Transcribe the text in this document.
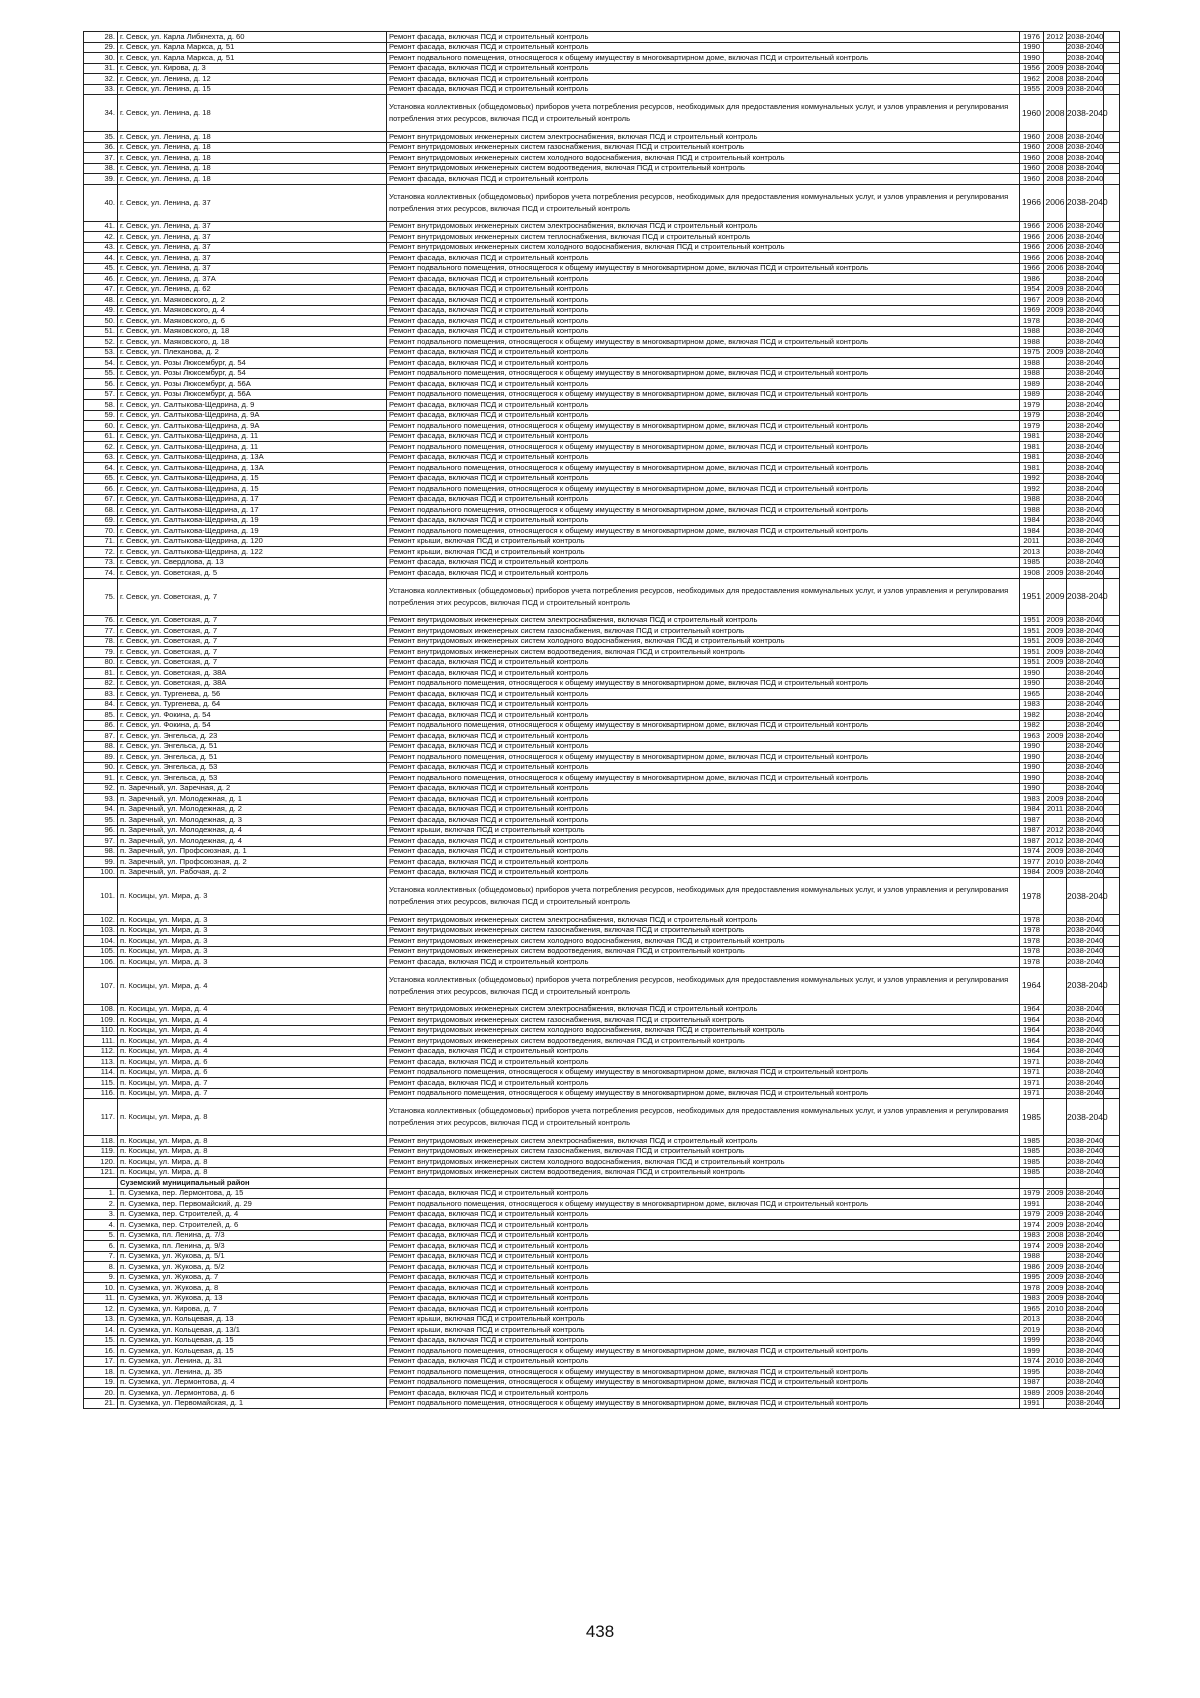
28.	г. Севск, ул. Карла Либкнехта, д. 60	Ремонт фасада, включая ПСД и строительный контроль	1976	2012	2038-2040	
29.	г. Севск, ул. Карла Маркса, д. 51	Ремонт фасада, включая ПСД и строительный контроль	1990		2038-2040	
30.	г. Севск, ул. Карла Маркса, д. 51	Ремонт подвального помещения, относящегося к общему имуществу в многоквартирном доме, включая ПСД и строительный контроль	1990		2038-2040	
31.	г. Севск, ул. Кирова, д. 3	Ремонт фасада, включая ПСД и строительный контроль	1956	2009	2038-2040	
32.	г. Севск, ул. Ленина, д. 12	Ремонт фасада, включая ПСД и строительный контроль	1962	2008	2038-2040	
33.	г. Севск, ул. Ленина, д. 15	Ремонт фасада, включая ПСД и строительный контроль	1955	2009	2038-2040	
34.	г. Севск, ул. Ленина, д. 18	Установка коллективных (общедомовых) приборов учета потребления ресурсов, необходимых для предоставления коммунальных услуг, и узлов управления и регулирования потребления этих ресурсов, включая ПСД и строительный контроль	1960	2008	2038-2040	
35.	г. Севск, ул. Ленина, д. 18	Ремонт внутридомовых инженерных систем электроснабжения, включая ПСД и строительный контроль	1960	2008	2038-2040	
36.	г. Севск, ул. Ленина, д. 18	Ремонт внутридомовых инженерных систем газоснабжения, включая ПСД и строительный контроль	1960	2008	2038-2040	
37.	г. Севск, ул. Ленина, д. 18	Ремонт внутридомовых инженерных систем холодного водоснабжения, включая ПСД и строительный контроль	1960	2008	2038-2040	
38.	г. Севск, ул. Ленина, д. 18	Ремонт внутридомовых инженерных систем водоотведения, включая ПСД и строительный контроль	1960	2008	2038-2040	
39.	г. Севск, ул. Ленина, д. 18	Ремонт фасада, включая ПСД и строительный контроль	1960	2008	2038-2040	
40.	г. Севск, ул. Ленина, д. 37	Установка коллективных (общедомовых) приборов учета потребления ресурсов, необходимых для предоставления коммунальных услуг, и узлов управления и регулирования потребления этих ресурсов, включая ПСД и строительный контроль	1966	2006	2038-2040	
41.	г. Севск, ул. Ленина, д. 37	Ремонт внутридомовых инженерных систем электроснабжения, включая ПСД и строительный контроль	1966	2006	2038-2040	
42.	г. Севск, ул. Ленина, д. 37	Ремонт внутридомовых инженерных систем теплоснабжения, включая ПСД и строительный контроль	1966	2006	2038-2040	
43.	г. Севск, ул. Ленина, д. 37	Ремонт внутридомовых инженерных систем холодного водоснабжения, включая ПСД и строительный контроль	1966	2006	2038-2040	
44.	г. Севск, ул. Ленина, д. 37	Ремонт фасада, включая ПСД и строительный контроль	1966	2006	2038-2040	
45.	г. Севск, ул. Ленина, д. 37	Ремонт подвального помещения, относящегося к общему имуществу в многоквартирном доме, включая ПСД и строительный контроль	1966	2006	2038-2040	
46.	г. Севск, ул. Ленина, д. 37А	Ремонт фасада, включая ПСД и строительный контроль	1986		2038-2040	
47.	г. Севск, ул. Ленина, д. 62	Ремонт фасада, включая ПСД и строительный контроль	1954	2009	2038-2040	
48.	г. Севск, ул. Маяковского, д. 2	Ремонт фасада, включая ПСД и строительный контроль	1967	2009	2038-2040	
49.	г. Севск, ул. Маяковского, д. 4	Ремонт фасада, включая ПСД и строительный контроль	1969	2009	2038-2040	
50.	г. Севск, ул. Маяковского, д. 6	Ремонт фасада, включая ПСД и строительный контроль	1978		2038-2040	
51.	г. Севск, ул. Маяковского, д. 18	Ремонт фасада, включая ПСД и строительный контроль	1988		2038-2040	
52.	г. Севск, ул. Маяковского, д. 18	Ремонт подвального помещения, относящегося к общему имуществу в многоквартирном доме, включая ПСД и строительный контроль	1988		2038-2040	
53.	г. Севск, ул. Плеханова, д. 2	Ремонт фасада, включая ПСД и строительный контроль	1975	2009	2038-2040	
54.	г. Севск, ул. Розы Люксембург, д. 54	Ремонт фасада, включая ПСД и строительный контроль	1988		2038-2040	
55.	г. Севск, ул. Розы Люксембург, д. 54	Ремонт подвального помещения, относящегося к общему имуществу в многоквартирном доме, включая ПСД и строительный контроль	1988		2038-2040	
56.	г. Севск, ул. Розы Люксембург, д. 56А	Ремонт фасада, включая ПСД и строительный контроль	1989		2038-2040	
57.	г. Севск, ул. Розы Люксембург, д. 56А	Ремонт подвального помещения, относящегося к общему имуществу в многоквартирном доме, включая ПСД и строительный контроль	1989		2038-2040	
58.	г. Севск, ул. Салтыкова-Щедрина, д. 9	Ремонт фасада, включая ПСД и строительный контроль	1979		2038-2040	
59.	г. Севск, ул. Салтыкова-Щедрина, д. 9А	Ремонт фасада, включая ПСД и строительный контроль	1979		2038-2040	
60.	г. Севск, ул. Салтыкова-Щедрина, д. 9А	Ремонт подвального помещения, относящегося к общему имуществу в многоквартирном доме, включая ПСД и строительный контроль	1979		2038-2040	
61.	г. Севск, ул. Салтыкова-Щедрина, д. 11	Ремонт фасада, включая ПСД и строительный контроль	1981		2038-2040	
62.	г. Севск, ул. Салтыкова-Щедрина, д. 11	Ремонт подвального помещения, относящегося к общему имуществу в многоквартирном доме, включая ПСД и строительный контроль	1981		2038-2040	
63.	г. Севск, ул. Салтыкова-Щедрина, д. 13А	Ремонт фасада, включая ПСД и строительный контроль	1981		2038-2040	
64.	г. Севск, ул. Салтыкова-Щедрина, д. 13А	Ремонт подвального помещения, относящегося к общему имуществу в многоквартирном доме, включая ПСД и строительный контроль	1981		2038-2040	
65.	г. Севск, ул. Салтыкова-Щедрина, д. 15	Ремонт фасада, включая ПСД и строительный контроль	1992		2038-2040	
66.	г. Севск, ул. Салтыкова-Щедрина, д. 15	Ремонт подвального помещения, относящегося к общему имуществу в многоквартирном доме, включая ПСД и строительный контроль	1992		2038-2040	
67.	г. Севск, ул. Салтыкова-Щедрина, д. 17	Ремонт фасада, включая ПСД и строительный контроль	1988		2038-2040	
68.	г. Севск, ул. Салтыкова-Щедрина, д. 17	Ремонт подвального помещения, относящегося к общему имуществу в многоквартирном доме, включая ПСД и строительный контроль	1988		2038-2040	
69.	г. Севск, ул. Салтыкова-Щедрина, д. 19	Ремонт фасада, включая ПСД и строительный контроль	1984		2038-2040	
70.	г. Севск, ул. Салтыкова-Щедрина, д. 19	Ремонт подвального помещения, относящегося к общему имуществу в многоквартирном доме, включая ПСД и строительный контроль	1984		2038-2040	
71.	г. Севск, ул. Салтыкова-Щедрина, д. 120	Ремонт крыши, включая ПСД и строительный контроль	2011		2038-2040	
72.	г. Севск, ул. Салтыкова-Щедрина, д. 122	Ремонт крыши, включая ПСД и строительный контроль	2013		2038-2040	
73.	г. Севск, ул. Свердлова, д. 13	Ремонт фасада, включая ПСД и строительный контроль	1985		2038-2040	
74.	г. Севск, ул. Советская, д. 5	Ремонт фасада, включая ПСД и строительный контроль	1908	2009	2038-2040	
75.	г. Севск, ул. Советская, д. 7	Установка коллективных (общедомовых) приборов учета потребления ресурсов, необходимых для предоставления коммунальных услуг, и узлов управления и регулирования потребления этих ресурсов, включая ПСД и строительный контроль	1951	2009	2038-2040	
76.	г. Севск, ул. Советская, д. 7	Ремонт внутридомовых инженерных систем электроснабжения, включая ПСД и строительный контроль	1951	2009	2038-2040	
77.	г. Севск, ул. Советская, д. 7	Ремонт внутридомовых инженерных систем газоснабжения, включая ПСД и строительный контроль	1951	2009	2038-2040	
78.	г. Севск, ул. Советская, д. 7	Ремонт внутридомовых инженерных систем холодного водоснабжения, включая ПСД и строительный контроль	1951	2009	2038-2040	
79.	г. Севск, ул. Советская, д. 7	Ремонт внутридомовых инженерных систем водоотведения, включая ПСД и строительный контроль	1951	2009	2038-2040	
80.	г. Севск, ул. Советская, д. 7	Ремонт фасада, включая ПСД и строительный контроль	1951	2009	2038-2040	
81.	г. Севск, ул. Советская, д. 38А	Ремонт фасада, включая ПСД и строительный контроль	1990		2038-2040	
82.	г. Севск, ул. Советская, д. 38А	Ремонт подвального помещения, относящегося к общему имуществу в многоквартирном доме, включая ПСД и строительный контроль	1990		2038-2040	
83.	г. Севск, ул. Тургенева, д. 56	Ремонт фасада, включая ПСД и строительный контроль	1965		2038-2040	
84.	г. Севск, ул. Тургенева, д. 64	Ремонт фасада, включая ПСД и строительный контроль	1983		2038-2040	
85.	г. Севск, ул. Фокина, д. 54	Ремонт фасада, включая ПСД и строительный контроль	1982		2038-2040	
86.	г. Севск, ул. Фокина, д. 54	Ремонт подвального помещения, относящегося к общему имуществу в многоквартирном доме, включая ПСД и строительный контроль	1982		2038-2040	
87.	г. Севск, ул. Энгельса, д. 23	Ремонт фасада, включая ПСД и строительный контроль	1963	2009	2038-2040	
88.	г. Севск, ул. Энгельса, д. 51	Ремонт фасада, включая ПСД и строительный контроль	1990		2038-2040	
89.	г. Севск, ул. Энгельса, д. 51	Ремонт подвального помещения, относящегося к общему имуществу в многоквартирном доме, включая ПСД и строительный контроль	1990		2038-2040	
90.	г. Севск, ул. Энгельса, д. 53	Ремонт фасада, включая ПСД и строительный контроль	1990		2038-2040	
91.	г. Севск, ул. Энгельса, д. 53	Ремонт подвального помещения, относящегося к общему имуществу в многоквартирном доме, включая ПСД и строительный контроль	1990		2038-2040	
92.	п. Заречный, ул. Заречная, д. 2	Ремонт фасада, включая ПСД и строительный контроль	1990		2038-2040	
93.	п. Заречный, ул. Молодежная, д. 1	Ремонт фасада, включая ПСД и строительный контроль	1983	2009	2038-2040	
94.	п. Заречный, ул. Молодежная, д. 2	Ремонт фасада, включая ПСД и строительный контроль	1984	2011	2038-2040	
95.	п. Заречный, ул. Молодежная, д. 3	Ремонт фасада, включая ПСД и строительный контроль	1987		2038-2040	
96.	п. Заречный, ул. Молодежная, д. 4	Ремонт крыши, включая ПСД и строительный контроль	1987	2012	2038-2040	
97.	п. Заречный, ул. Молодежная, д. 4	Ремонт фасада, включая ПСД и строительный контроль	1987	2012	2038-2040	
98.	п. Заречный, ул. Профсоюзная, д. 1	Ремонт фасада, включая ПСД и строительный контроль	1974	2009	2038-2040	
99.	п. Заречный, ул. Профсоюзная, д. 2	Ремонт фасада, включая ПСД и строительный контроль	1977	2010	2038-2040	
100.	п. Заречный, ул. Рабочая, д. 2	Ремонт фасада, включая ПСД и строительный контроль	1984	2009	2038-2040	
101.	п. Косицы, ул. Мира, д. 3	Установка коллективных (общедомовых) приборов учета потребления ресурсов, необходимых для предоставления коммунальных услуг, и узлов управления и регулирования потребления этих ресурсов, включая ПСД и строительный контроль	1978		2038-2040	
102.	п. Косицы, ул. Мира, д. 3	Ремонт внутридомовых инженерных систем электроснабжения, включая ПСД и строительный контроль	1978		2038-2040	
103.	п. Косицы, ул. Мира, д. 3	Ремонт внутридомовых инженерных систем газоснабжения, включая ПСД и строительный контроль	1978		2038-2040	
104.	п. Косицы, ул. Мира, д. 3	Ремонт внутридомовых инженерных систем холодного водоснабжения, включая ПСД и строительный контроль	1978		2038-2040	
105.	п. Косицы, ул. Мира, д. 3	Ремонт внутридомовых инженерных систем водоотведения, включая ПСД и строительный контроль	1978		2038-2040	
106.	п. Косицы, ул. Мира, д. 3	Ремонт фасада, включая ПСД и строительный контроль	1978		2038-2040	
107.	п. Косицы, ул. Мира, д. 4	Установка коллективных (общедомовых) приборов учета потребления ресурсов, необходимых для предоставления коммунальных услуг, и узлов управления и регулирования потребления этих ресурсов, включая ПСД и строительный контроль	1964		2038-2040	
108.	п. Косицы, ул. Мира, д. 4	Ремонт внутридомовых инженерных систем электроснабжения, включая ПСД и строительный контроль	1964		2038-2040	
109.	п. Косицы, ул. Мира, д. 4	Ремонт внутридомовых инженерных систем газоснабжения, включая ПСД и строительный контроль	1964		2038-2040	
110.	п. Косицы, ул. Мира, д. 4	Ремонт внутридомовых инженерных систем холодного водоснабжения, включая ПСД и строительный контроль	1964		2038-2040	
111.	п. Косицы, ул. Мира, д. 4	Ремонт внутридомовых инженерных систем водоотведения, включая ПСД и строительный контроль	1964		2038-2040	
112.	п. Косицы, ул. Мира, д. 4	Ремонт фасада, включая ПСД и строительный контроль	1964		2038-2040	
113.	п. Косицы, ул. Мира, д. 6	Ремонт фасада, включая ПСД и строительный контроль	1971		2038-2040	
114.	п. Косицы, ул. Мира, д. 6	Ремонт подвального помещения, относящегося к общему имуществу в многоквартирном доме, включая ПСД и строительный контроль	1971		2038-2040	
115.	п. Косицы, ул. Мира, д. 7	Ремонт фасада, включая ПСД и строительный контроль	1971		2038-2040	
116.	п. Косицы, ул. Мира, д. 7	Ремонт подвального помещения, относящегося к общему имуществу в многоквартирном доме, включая ПСД и строительный контроль	1971		2038-2040	
117.	п. Косицы, ул. Мира, д. 8	Установка коллективных (общедомовых) приборов учета потребления ресурсов, необходимых для предоставления коммунальных услуг, и узлов управления и регулирования потребления этих ресурсов, включая ПСД и строительный контроль	1985		2038-2040	
118.	п. Косицы, ул. Мира, д. 8	Ремонт внутридомовых инженерных систем электроснабжения, включая ПСД и строительный контроль	1985		2038-2040	
119.	п. Косицы, ул. Мира, д. 8	Ремонт внутридомовых инженерных систем газоснабжения, включая ПСД и строительный контроль	1985		2038-2040	
120.	п. Косицы, ул. Мира, д. 8	Ремонт внутридомовых инженерных систем холодного водоснабжения, включая ПСД и строительный контроль	1985		2038-2040	
121.	п. Косицы, ул. Мира, д. 8	Ремонт внутридомовых инженерных систем водоотведения, включая ПСД и строительный контроль	1985		2038-2040	
	Суземский муниципальный район					
1.	п. Суземка, пер. Лермонтова, д. 15	Ремонт фасада, включая ПСД и строительный контроль	1979	2009	2038-2040	
2.	п. Суземка, пер. Первомайский, д. 29	Ремонт подвального помещения, относящегося к общему имуществу в многоквартирном доме, включая ПСД и строительный контроль	1991		2038-2040	
3.	п. Суземка, пер. Строителей, д. 4	Ремонт фасада, включая ПСД и строительный контроль	1979	2009	2038-2040	
4.	п. Суземка, пер. Строителей, д. 6	Ремонт фасада, включая ПСД и строительный контроль	1974	2009	2038-2040	
5.	п. Суземка, пл. Ленина, д. 7/3	Ремонт фасада, включая ПСД и строительный контроль	1983	2008	2038-2040	
6.	п. Суземка, пл. Ленина, д. 9/3	Ремонт фасада, включая ПСД и строительный контроль	1974	2009	2038-2040	
7.	п. Суземка, ул. Жукова, д. 5/1	Ремонт фасада, включая ПСД и строительный контроль	1988		2038-2040	
8.	п. Суземка, ул. Жукова, д. 5/2	Ремонт фасада, включая ПСД и строительный контроль	1986	2009	2038-2040	
9.	п. Суземка, ул. Жукова, д. 7	Ремонт фасада, включая ПСД и строительный контроль	1995	2009	2038-2040	
10.	п. Суземка, ул. Жукова, д. 8	Ремонт фасада, включая ПСД и строительный контроль	1978	2009	2038-2040	
11.	п. Суземка, ул. Жукова, д. 13	Ремонт фасада, включая ПСД и строительный контроль	1983	2009	2038-2040	
12.	п. Суземка, ул. Кирова, д. 7	Ремонт фасада, включая ПСД и строительный контроль	1965	2010	2038-2040	
13.	п. Суземка, ул. Кольцевая, д. 13	Ремонт крыши, включая ПСД и строительный контроль	2013		2038-2040	
14.	п. Суземка, ул. Кольцевая, д. 13/1	Ремонт крыши, включая ПСД и строительный контроль	2019		2038-2040	
15.	п. Суземка, ул. Кольцевая, д. 15	Ремонт фасада, включая ПСД и строительный контроль	1999		2038-2040	
16.	п. Суземка, ул. Кольцевая, д. 15	Ремонт подвального помещения, относящегося к общему имуществу в многоквартирном доме, включая ПСД и строительный контроль	1999		2038-2040	
17.	п. Суземка, ул. Ленина, д. 31	Ремонт фасада, включая ПСД и строительный контроль	1974	2010	2038-2040	
18.	п. Суземка, ул. Ленина, д. 35	Ремонт подвального помещения, относящегося к общему имуществу в многоквартирном доме, включая ПСД и строительный контроль	1995		2038-2040	
19.	п. Суземка, ул. Лермонтова, д. 4	Ремонт подвального помещения, относящегося к общему имуществу в многоквартирном доме, включая ПСД и строительный контроль	1987		2038-2040	
20.	п. Суземка, ул. Лермонтова, д. 6	Ремонт фасада, включая ПСД и строительный контроль	1989	2009	2038-2040	
21.	п. Суземка, ул. Первомайская, д. 1	Ремонт подвального помещения, относящегося к общему имуществу в многоквартирном доме, включая ПСД и строительный контроль	1991		2038-2040	
438
